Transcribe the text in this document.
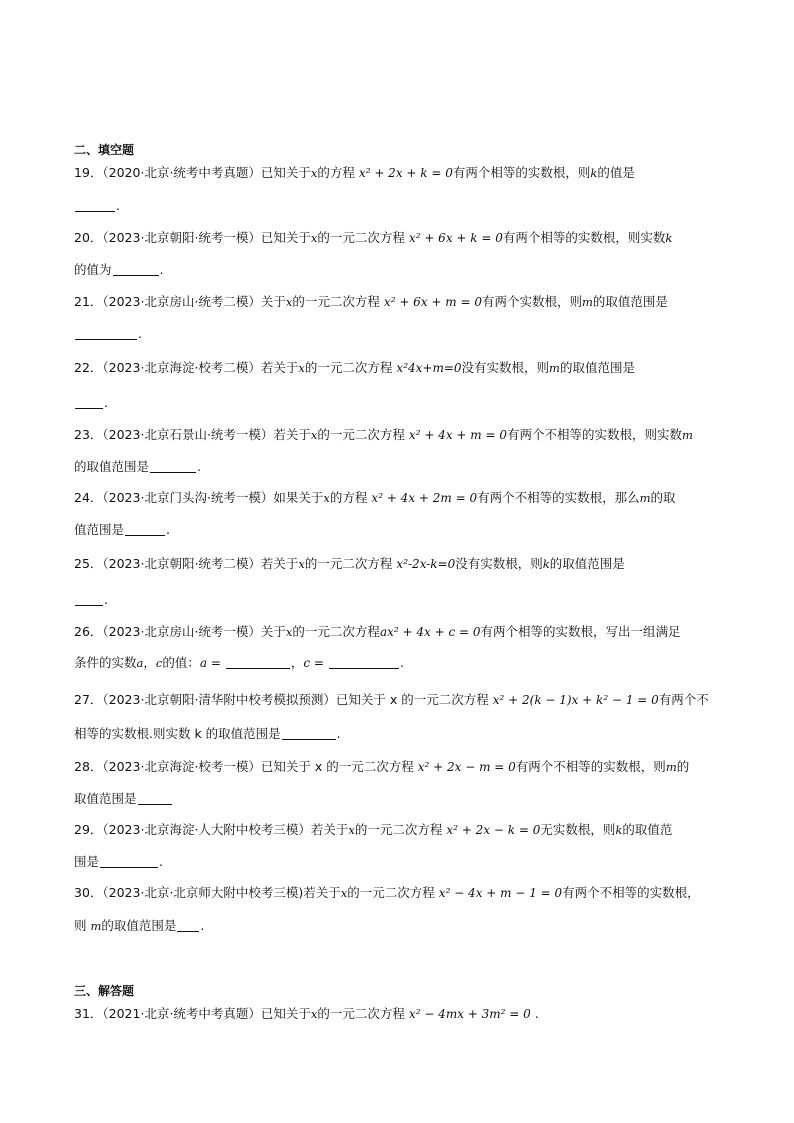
二、填空题
19．（2020·北京·统考中考真题）已知关于x的方程 x² + 2x + k = 0有两个相等的实数根，则k的值是
.
20．（2023·北京朝阳·统考一模）已知关于x的一元二次方程 x² + 6x + k = 0有两个相等的实数根，则实数k
的值为	.
21．（2023·北京房山·统考二模）关于x的一元二次方程 x² + 6x + m = 0有两个实数根，则m的取值范围是
.
22．（2023·北京海淀·校考二模）若关于x的一元二次方程 x²4x+m=0没有实数根，则m的取值范围是
.
23．（2023·北京石景山·统考一模）若关于x的一元二次方程 x² + 4x + m = 0有两个不相等的实数根，则实数m
的取值范围是	.
24．（2023·北京门头沟·统考一模）如果关于x的方程 x² + 4x + 2m = 0有两个不相等的实数根，那么m的取
值范围是	.
25．（2023·北京朝阳·统考二模）若关于x的一元二次方程 x²-2x-k=0没有实数根，则k的取值范围是
.
26．（2023·北京房山·统考一模）关于x的一元二次方程ax² + 4x + c = 0有两个相等的实数根，写出一组满足
条件的实数a，c的值：a =	，c =	.
27．（2023·北京朝阳·清华附中校考模拟预测）已知关于 x 的一元二次方程 x² + 2(k − 1)x + k² − 1 = 0有两个不
相等的实数根.则实数 k 的取值范围是	.
28．（2023·北京海淀·校考一模）已知关于 x 的一元二次方程 x² + 2x − m = 0有两个不相等的实数根，则m的
取值范围是
29．（2023·北京海淀·人大附中校考三模）若关于x的一元二次方程 x² + 2x − k = 0无实数根，则k的取值范
围是	.
30．（2023·北京·北京师大附中校考三模)若关于x的一元二次方程 x² − 4x + m − 1 = 0有两个不相等的实数根，
则 m的取值范围是 .
三、解答题
31．（2021·北京·统考中考真题）已知关于x的一元二次方程 x² − 4mx + 3m² = 0 .
